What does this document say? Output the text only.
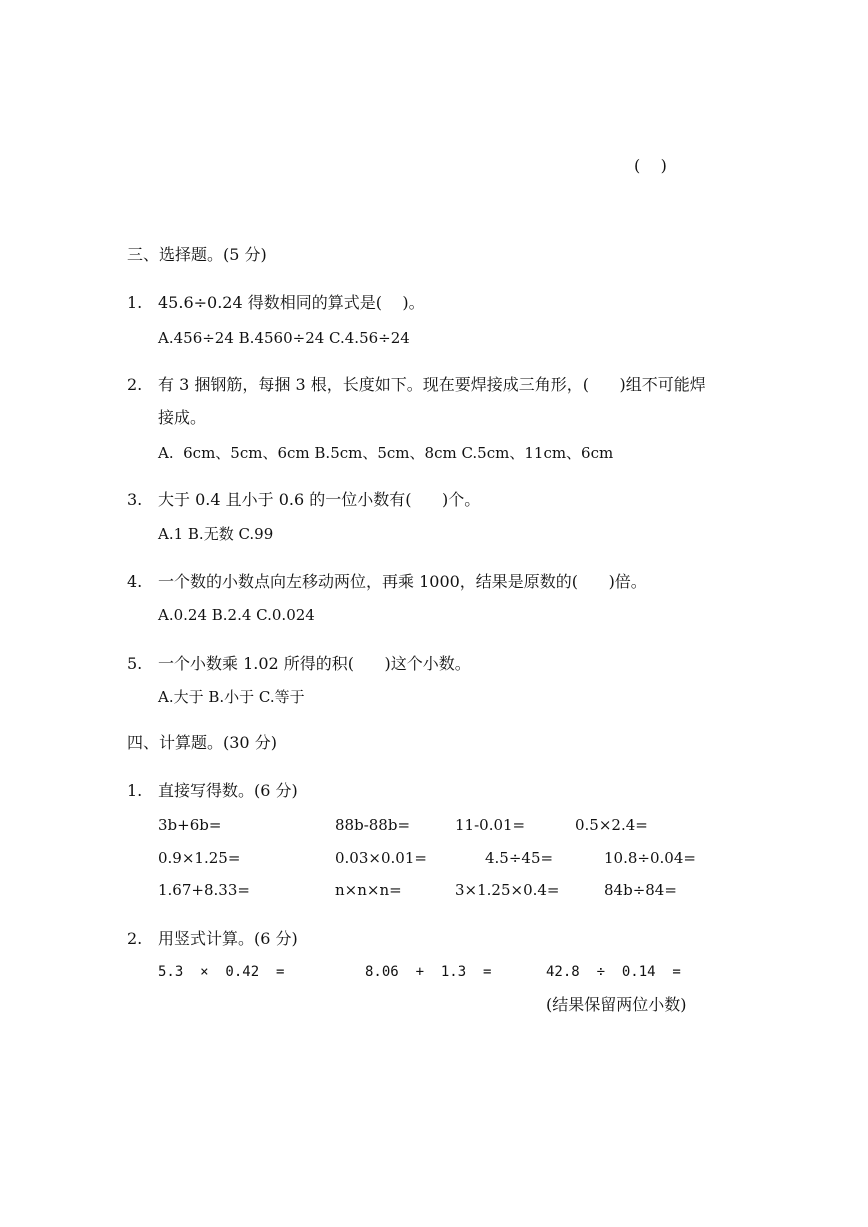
(    )
三、选择题。(5 分)
1. 45.6÷0.24 得数相同的算式是(    )。
A.456÷24 B.4560÷24 C.4.56÷24
2. 有 3 捆钢筋，每捆 3 根，长度如下。现在要焊接成三角形，(      )组不可能焊
接成。
A.  6cm、5cm、6cm B.5cm、5cm、8cm C.5cm、11cm、6cm
3. 大于 0.4 且小于 0.6 的一位小数有(      )个。
A.1 B.无数 C.99
4. 一个数的小数点向左移动两位，再乘 1000，结果是原数的(      )倍。
A.0.24 B.2.4 C.0.024
5. 一个小数乘 1.02 所得的积(      )这个小数。
A.大于 B.小于 C.等于
四、计算题。(30 分)
1. 直接写得数。(6 分)
3b+6b=	88b-88b=	11-0.01=	0.5×2.4=
0.9×1.25=	0.03×0.01=	4.5÷45=	10.8÷0.04=
1.67+8.33=	n×n×n=	3×1.25×0.4=	84b÷84=
2. 用竖式计算。(6 分)
5.3  ×  0.42  =	8.06  +  1.3  =	42.8  ÷  0.14  =
(结果保留两位小数)
